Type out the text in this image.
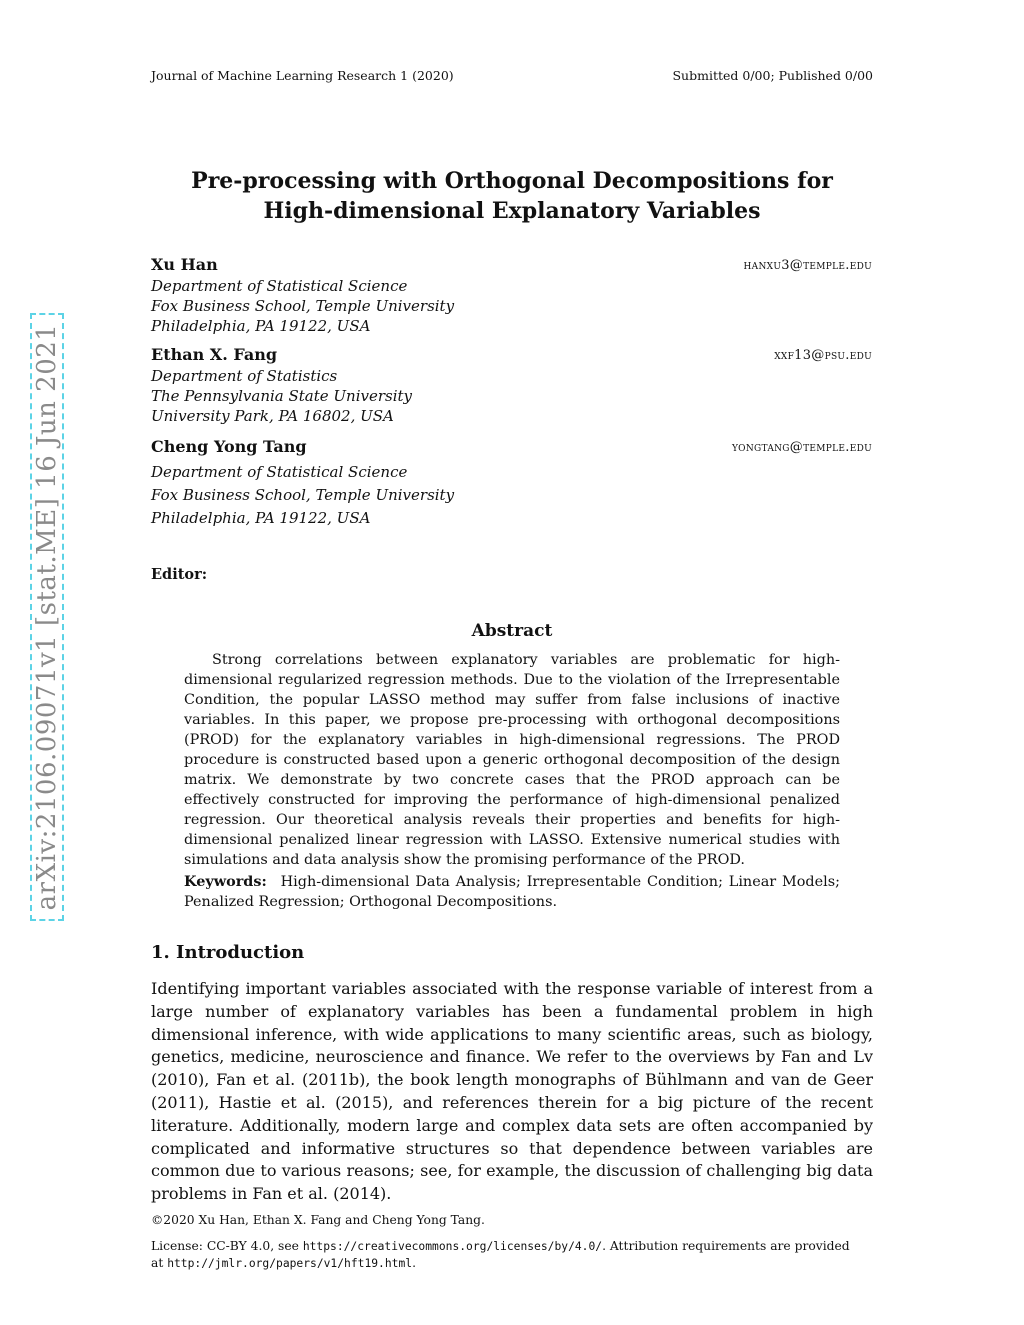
Journal of Machine Learning Research 1 (2020)	Submitted 0/00; Published 0/00
arXiv:2106.09071v1 [stat.ME] 16 Jun 2021
Pre-processing with Orthogonal Decompositions for
High-dimensional Explanatory Variables
Xu Han	hanxu3@temple.edu
Department of Statistical Science
Fox Business School, Temple University
Philadelphia, PA 19122, USA
Ethan X. Fang	xxf13@psu.edu
Department of Statistics
The Pennsylvania State University
University Park, PA 16802, USA
Cheng Yong Tang	yongtang@temple.edu
Department of Statistical Science
Fox Business School, Temple University
Philadelphia, PA 19122, USA
Editor:
Abstract

Strong correlations between explanatory variables are problematic for high-dimensional regularized regression methods. Due to the violation of the Irrepresentable Condition, the popular LASSO method may suffer from false inclusions of inactive variables. In this paper, we propose pre-processing with orthogonal decompositions (PROD) for the explanatory variables in high-dimensional regressions. The PROD procedure is constructed based upon a generic orthogonal decomposition of the design matrix. We demonstrate by two concrete cases that the PROD approach can be effectively constructed for improving the performance of high-dimensional penalized regression. Our theoretical analysis reveals their properties and benefits for high-dimensional penalized linear regression with LASSO. Extensive numerical studies with simulations and data analysis show the promising performance of the PROD.

Keywords: High-dimensional Data Analysis; Irrepresentable Condition; Linear Models; Penalized Regression; Orthogonal Decompositions.
1. Introduction

Identifying important variables associated with the response variable of interest from a large number of explanatory variables has been a fundamental problem in high dimensional inference, with wide applications to many scientific areas, such as biology, genetics, medicine, neuroscience and finance. We refer to the overviews by Fan and Lv (2010), Fan et al. (2011b), the book length monographs of Bühlmann and van de Geer (2011), Hastie et al. (2015), and references therein for a big picture of the recent literature. Additionally, modern large and complex data sets are often accompanied by complicated and informative structures so that dependence between variables are common due to various reasons; see, for example, the discussion of challenging big data problems in Fan et al. (2014).

©2020 Xu Han, Ethan X. Fang and Cheng Yong Tang.
License: CC-BY 4.0, see https://creativecommons.org/licenses/by/4.0/. Attribution requirements are provided
at http://jmlr.org/papers/v1/hft19.html.
